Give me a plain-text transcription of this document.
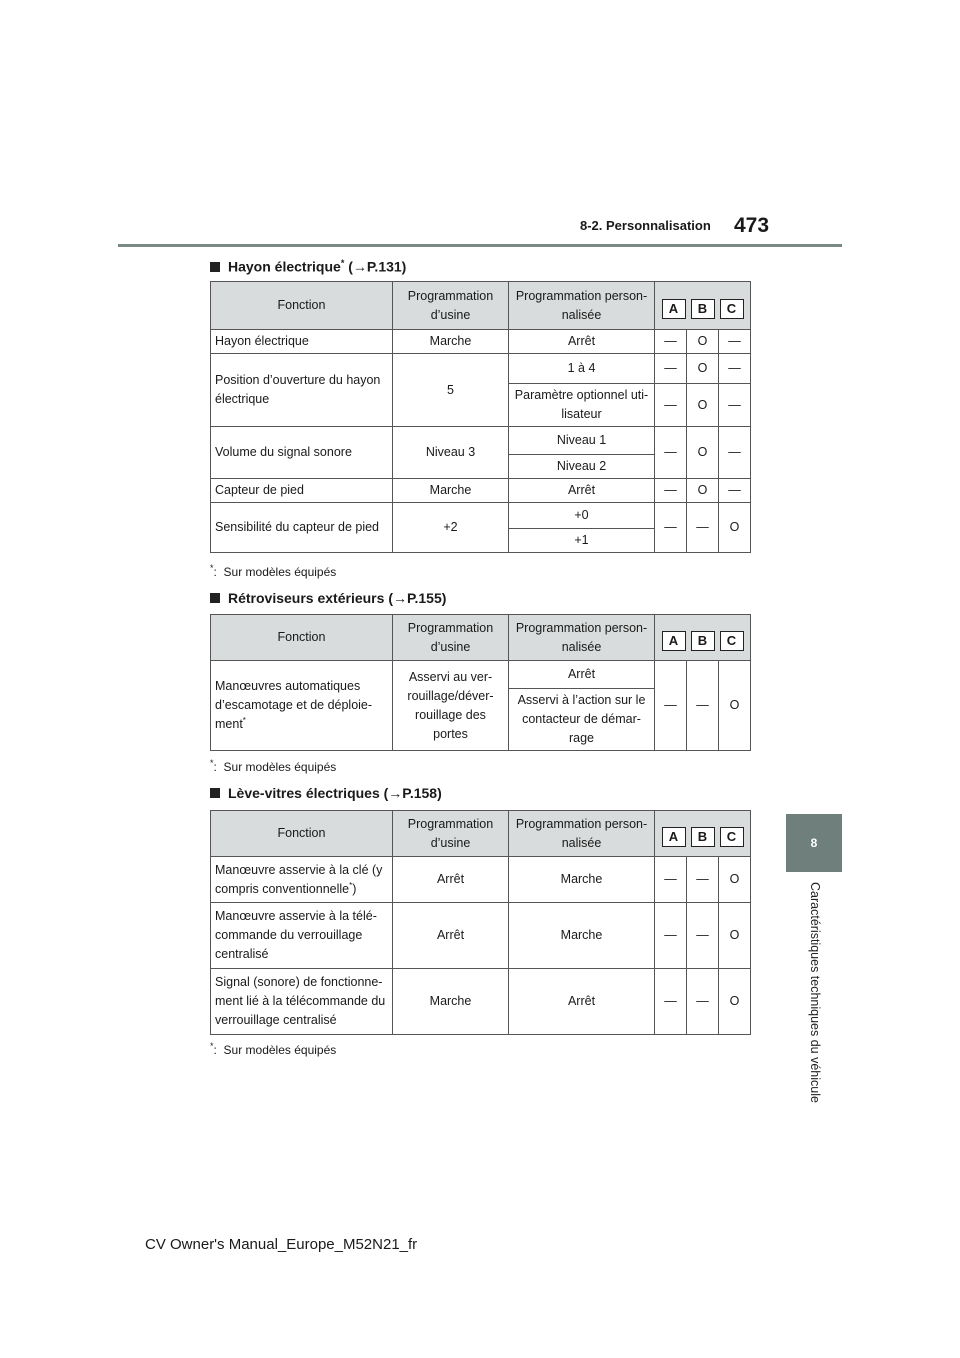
8-2. Personnalisation 473
8
Caractéristiques techniques du véhicule
Hayon électrique* (→P.131)
Fonction	Programmation d’usine	Programmation person-nalisée	A B C		

Hayon électrique	Marche	Arrêt	—	O	—
Position d’ouverture du hayon électrique	5	1 à 4	—	O	—
		Paramètre optionnel uti-lisateur	—	O	—
Volume du signal sonore	Niveau 3	Niveau 1	—	O	—
		Niveau 2			
Capteur de pied	Marche	Arrêt	—	O	—
Sensibilité du capteur de pied	+2	+0	—	—	O
		+1			
*: Sur modèles équipés
Rétroviseurs extérieurs (→P.155)
Fonction	Programmation d’usine	Programmation person-nalisée	A B C		

Manœuvres automatiques d’escamotage et de déploie-ment*	Asservi au ver-rouillage/déver-rouillage des portes	Arrêt	—	—	O
		Asservi à l’action sur le contacteur de démar-rage			
*: Sur modèles équipés
Lève-vitres électriques (→P.158)
Fonction	Programmation d’usine	Programmation person-nalisée	A B C		

Manœuvre asservie à la clé (y compris conventionnelle*)	Arrêt	Marche	—	—	O
Manœuvre asservie à la télé-commande du verrouillage centralisé	Arrêt	Marche	—	—	O
Signal (sonore) de fonctionne-ment lié à la télécommande du verrouillage centralisé	Marche	Arrêt	—	—	O
*: Sur modèles équipés
CV Owner's Manual_Europe_M52N21_fr
